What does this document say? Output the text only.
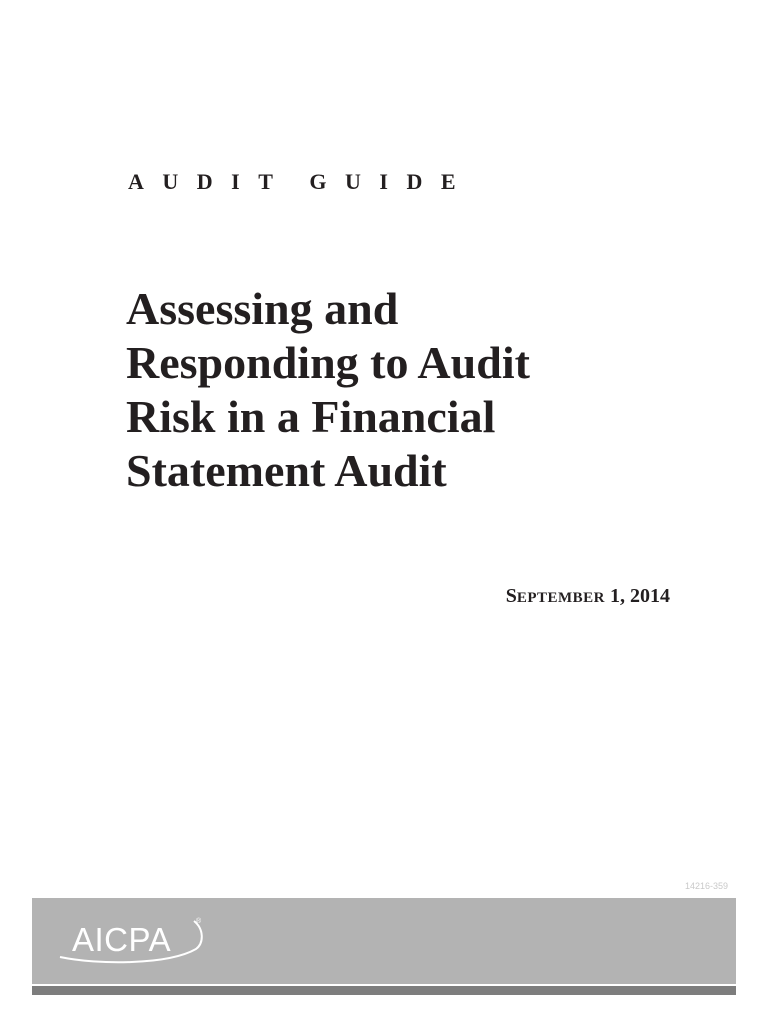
AUDIT GUIDE
Assessing and
Responding to Audit
Risk in a Financial
Statement Audit
SEPTEMBER 1, 2014
14216-359
AICPA	®
